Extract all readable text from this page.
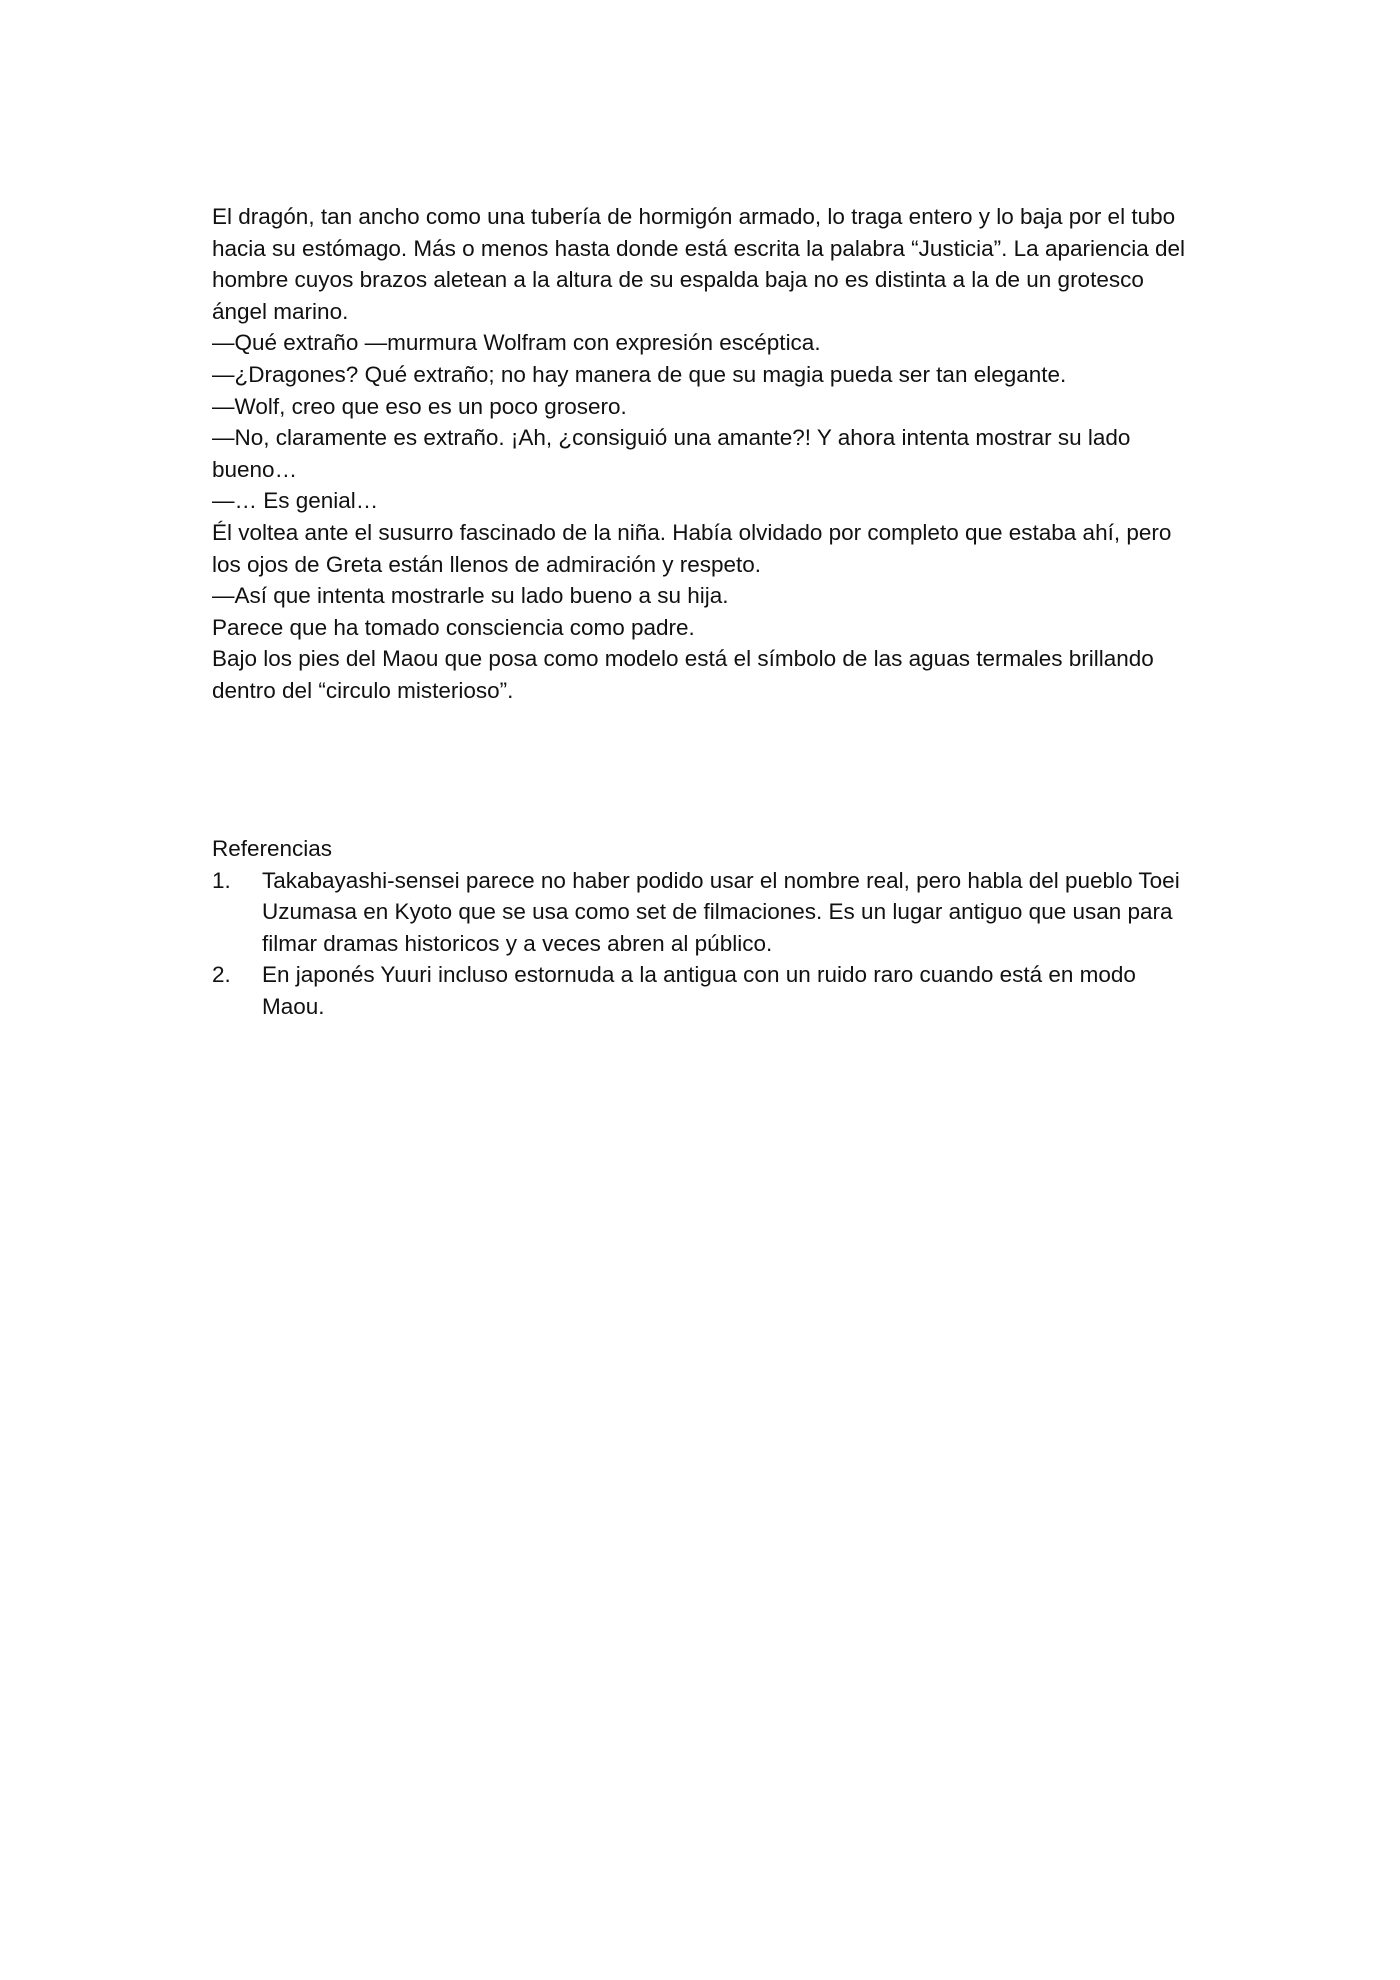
El dragón, tan ancho como una tubería de hormigón armado, lo traga entero y lo baja por el tubo hacia su estómago. Más o menos hasta donde está escrita la palabra “Justicia”. La apariencia del hombre cuyos brazos aletean a la altura de su espalda baja no es distinta a la de un grotesco ángel marino.

—Qué extraño —murmura Wolfram con expresión escéptica.

—¿Dragones? Qué extraño; no hay manera de que su magia pueda ser tan elegante.

—Wolf, creo que eso es un poco grosero.

—No, claramente es extraño. ¡Ah, ¿consiguió una amante?! Y ahora intenta mostrar su lado bueno…

—… Es genial…

Él voltea ante el susurro fascinado de la niña. Había olvidado por completo que estaba ahí, pero los ojos de Greta están llenos de admiración y respeto.

—Así que intenta mostrarle su lado bueno a su hija.

Parece que ha tomado consciencia como padre.

Bajo los pies del Maou que posa como modelo está el símbolo de las aguas termales brillando dentro del “circulo misterioso”.

Referencias

1.	Takabayashi-sensei parece no haber podido usar el nombre real, pero habla del pueblo Toei Uzumasa en Kyoto que se usa como set de filmaciones. Es un lugar antiguo que usan para filmar dramas historicos y a veces abren al público.
2.	En japonés Yuuri incluso estornuda a la antigua con un ruido raro cuando está en modo Maou.
